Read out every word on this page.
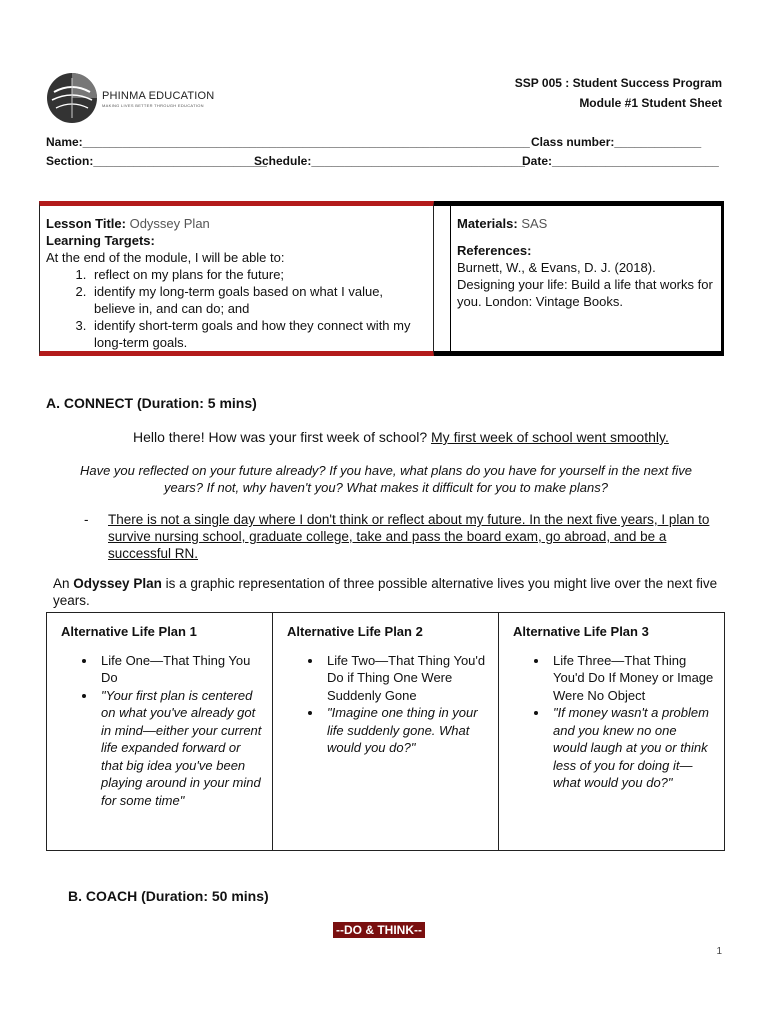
PHINMA EDUCATION
MAKING LIVES BETTER THROUGH EDUCATION
SSP 005 : Student Success Program
Module #1 Student Sheet
Name:___________________________________________________________________ Class number:_____________
Section:__________________________
Schedule:________________________________
Date:_________________________
Lesson Title: Odyssey Plan
Learning Targets:
At the end of the module, I will be able to:
1. reflect on my plans for the future;
2. identify my long-term goals based on what I value, believe in, and can do; and
3. identify short-term goals and how they connect with my long-term goals.
Materials: SAS
References:
Burnett, W., & Evans, D. J. (2018). Designing your life: Build a life that works for you. London: Vintage Books.
A. CONNECT (Duration: 5 mins)
Hello there! How was your first week of school? My first week of school went smoothly.
Have you reflected on your future already? If you have, what plans do you have for yourself in the next five
years? If not, why haven't you? What makes it difficult for you to make plans?
- There is not a single day where I don't think or reflect about my future. In the next five years, I plan to survive nursing school, graduate college, take and pass the board exam, go abroad, and be a successful RN.
An Odyssey Plan is a graphic representation of three possible alternative lives you might live over the next five years.
Alternative Life Plan 1
• Life One—That Thing You Do
• "Your first plan is centered on what you've already got in mind—either your current life expanded forward or that big idea you've been playing around in your mind for some time"

Alternative Life Plan 2
• Life Two—That Thing You'd Do if Thing One Were Suddenly Gone
• "Imagine one thing in your life suddenly gone. What would you do?"

Alternative Life Plan 3
• Life Three—That Thing You'd Do If Money or Image Were No Object
• "If money wasn't a problem and you knew no one would laugh at you or think less of you for doing it—what would you do?"
B. COACH (Duration: 50 mins)
--DO & THINK--
1
